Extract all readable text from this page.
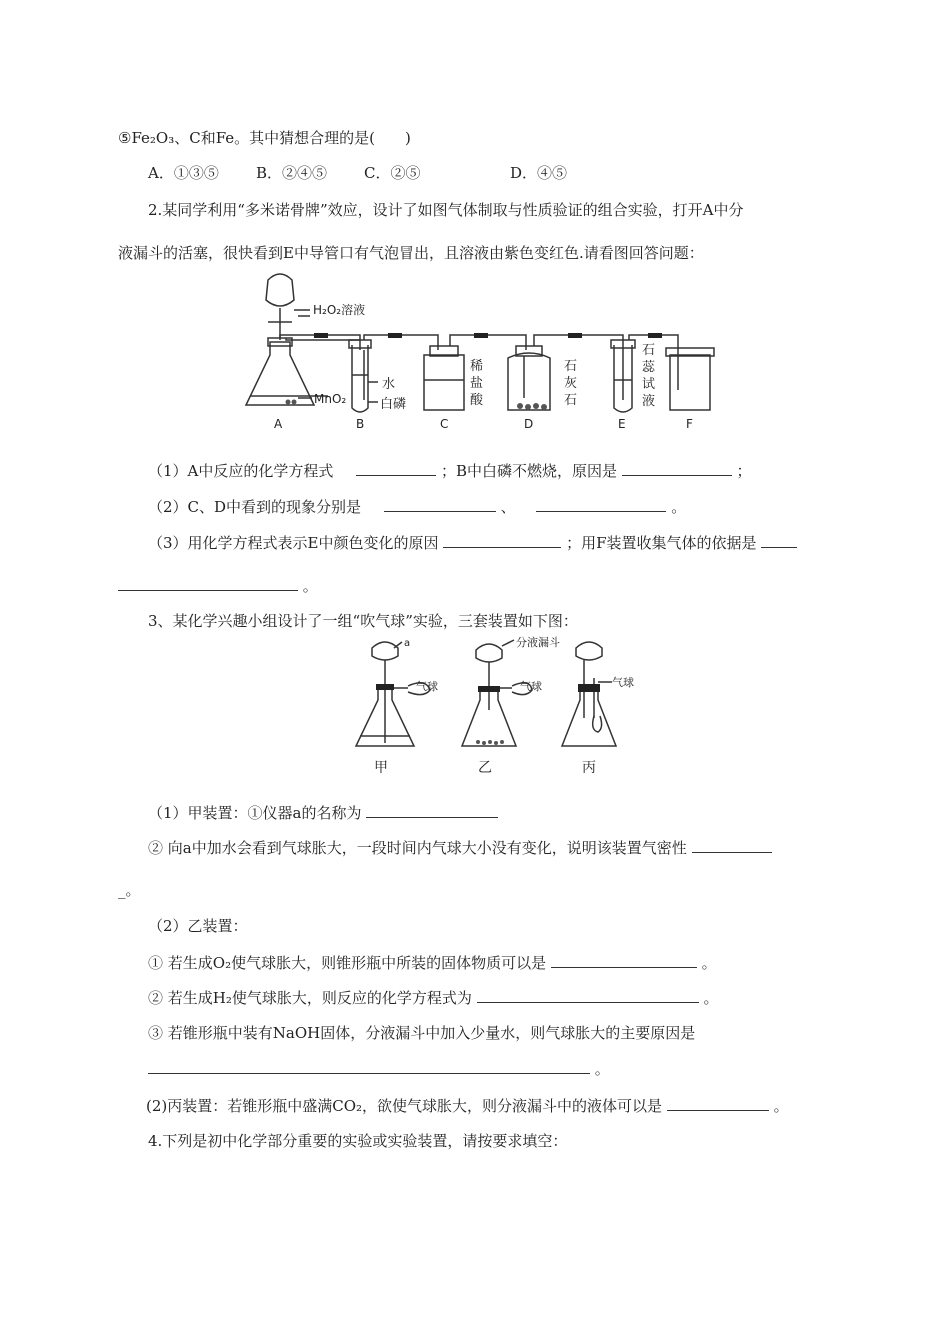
⑤Fe₂O₃、C和Fe。其中猜想合理的是(　　)
A．①③⑤ B．②④⑤ C．②⑤	D．④⑤
2.某同学利用“多米诺骨牌”效应，设计了如图气体制取与性质验证的组合实验，打开A中分
液漏斗的活塞，很快看到E中导管口有气泡冒出，且溶液由紫色变红色.请看图回答问题：
H₂O₂溶液
MnO₂
水
白磷
稀
盐
酸
石
灰
石
石
蕊
试
液
A	B	C	D	E	F
（1）A中反应的化学方程式	；B中白磷不燃烧，原因是	；
（2）C、D中看到的现象分别是	、	。
（3）用化学方程式表示E中颜色变化的原因	；用F装置收集气体的依据是
。
3、某化学兴趣小组设计了一组“吹气球”实验，三套装置如下图：
a
气球
分液漏斗
气球	气球
甲	乙	丙
（1）甲装置：①仪器a的名称为
② 向a中加水会看到气球胀大，一段时间内气球大小没有变化，说明该装置气密性
_。
（2）乙装置：
① 若生成O₂使气球胀大，则锥形瓶中所装的固体物质可以是	。
② 若生成H₂使气球胀大，则反应的化学方程式为	。
③ 若锥形瓶中装有NaOH固体，分液漏斗中加入少量水，则气球胀大的主要原因是
。
(2)丙装置：若锥形瓶中盛满CO₂，欲使气球胀大，则分液漏斗中的液体可以是	。
4.下列是初中化学部分重要的实验或实验装置，请按要求填空：
